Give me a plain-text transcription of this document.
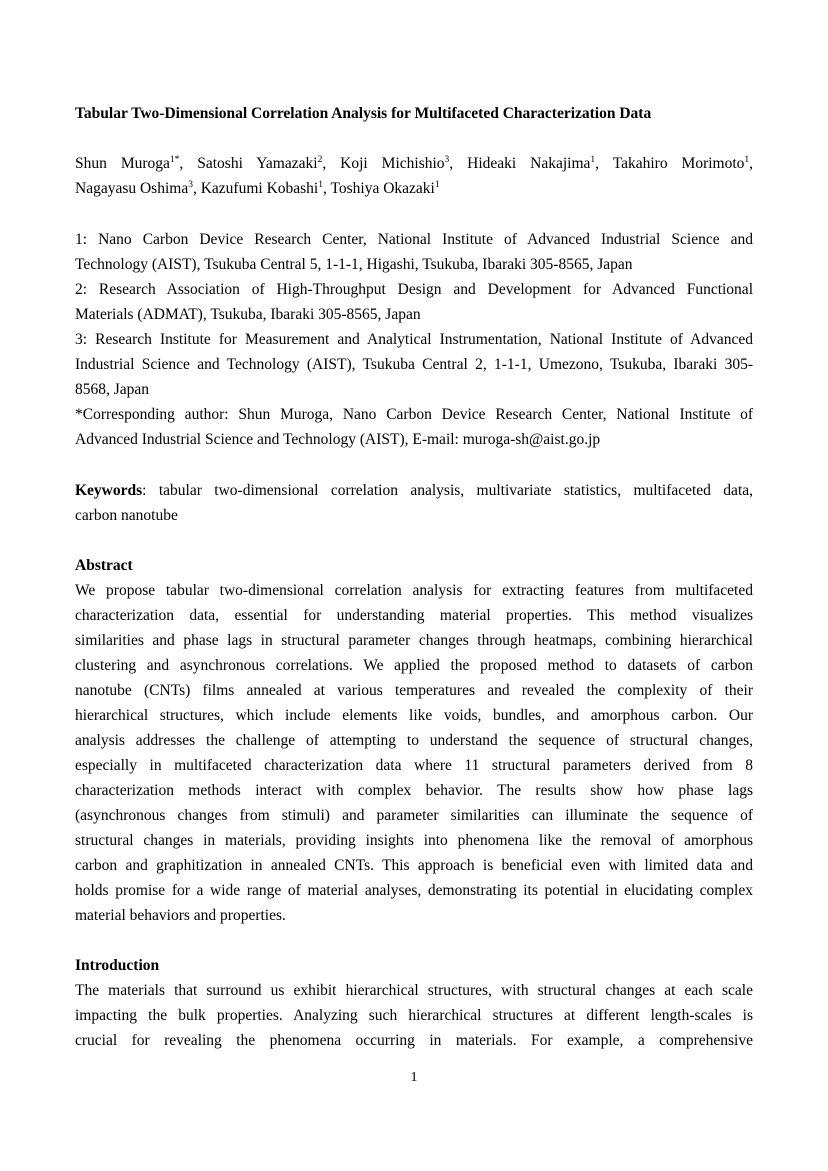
Tabular Two-Dimensional Correlation Analysis for Multifaceted Characterization Data
Shun Muroga$^{1*}$, Satoshi Yamazaki$^2$, Koji Michishio$^3$, Hideaki Nakajima$^1$, Takahiro Morimoto$^1$,
Nagayasu Oshima$^3$, Kazufumi Kobashi$^1$, Toshiya Okazaki$^1$
1: Nano Carbon Device Research Center, National Institute of Advanced Industrial Science and
Technology (AIST), Tsukuba Central 5, 1-1-1, Higashi, Tsukuba, Ibaraki 305-8565, Japan
2: Research Association of High-Throughput Design and Development for Advanced Functional
Materials (ADMAT), Tsukuba, Ibaraki 305-8565, Japan
3: Research Institute for Measurement and Analytical Instrumentation, National Institute of Advanced
Industrial Science and Technology (AIST), Tsukuba Central 2, 1-1-1, Umezono, Tsukuba, Ibaraki 305-
8568, Japan
*Corresponding author: Shun Muroga, Nano Carbon Device Research Center, National Institute of
Advanced Industrial Science and Technology (AIST), E-mail: muroga-sh@aist.go.jp
Keywords: tabular two-dimensional correlation analysis, multivariate statistics, multifaceted data,
carbon nanotube
Abstract
We propose tabular two-dimensional correlation analysis for extracting features from multifaceted
characterization data, essential for understanding material properties. This method visualizes
similarities and phase lags in structural parameter changes through heatmaps, combining hierarchical
clustering and asynchronous correlations. We applied the proposed method to datasets of carbon
nanotube (CNTs) films annealed at various temperatures and revealed the complexity of their
hierarchical structures, which include elements like voids, bundles, and amorphous carbon. Our
analysis addresses the challenge of attempting to understand the sequence of structural changes,
especially in multifaceted characterization data where 11 structural parameters derived from 8
characterization methods interact with complex behavior. The results show how phase lags
(asynchronous changes from stimuli) and parameter similarities can illuminate the sequence of
structural changes in materials, providing insights into phenomena like the removal of amorphous
carbon and graphitization in annealed CNTs. This approach is beneficial even with limited data and
holds promise for a wide range of material analyses, demonstrating its potential in elucidating complex
material behaviors and properties.
Introduction
The materials that surround us exhibit hierarchical structures, with structural changes at each scale
impacting the bulk properties. Analyzing such hierarchical structures at different length-scales is
crucial for revealing the phenomena occurring in materials. For example, a comprehensive
1
